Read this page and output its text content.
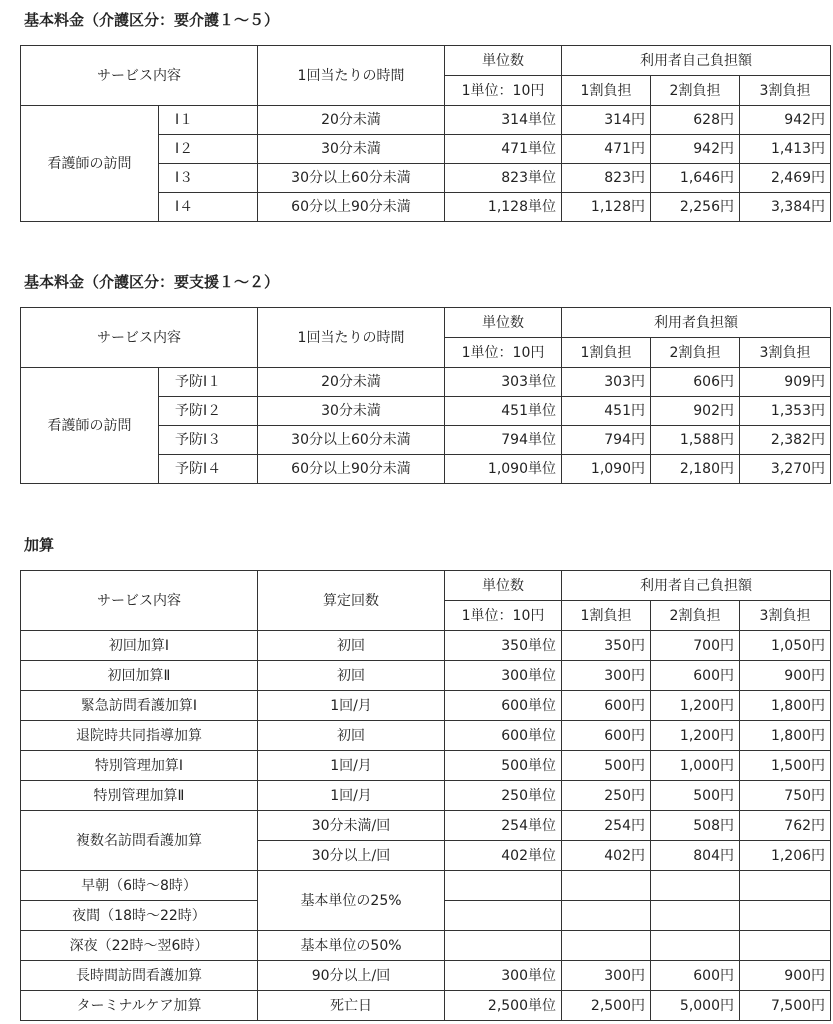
基本料金（介護区分：要介護１～５）
サービス内容		1回当たりの時間	単位数	利用者自己負担額		
			1単位：10円	1割負担	2割負担	3割負担
看護師の訪問	Ⅰ１	20分未満	314単位	314円	628円	942円
	Ⅰ２	30分未満	471単位	471円	942円	1,413円
	Ⅰ３	30分以上60分未満	823単位	823円	1,646円	2,469円
	Ⅰ４	60分以上90分未満	1,128単位	1,128円	2,256円	3,384円
基本料金（介護区分：要支援１～２）
サービス内容		1回当たりの時間	単位数	利用者負担額		
			1単位：10円	1割負担	2割負担	3割負担
看護師の訪問	予防Ⅰ１	20分未満	303単位	303円	606円	909円
	予防Ⅰ２	30分未満	451単位	451円	902円	1,353円
	予防Ⅰ３	30分以上60分未満	794単位	794円	1,588円	2,382円
	予防Ⅰ４	60分以上90分未満	1,090単位	1,090円	2,180円	3,270円
加算
サービス内容	算定回数	単位数	利用者自己負担額		
		1単位：10円	1割負担	2割負担	3割負担
初回加算Ⅰ	初回	350単位	350円	700円	1,050円
初回加算Ⅱ	初回	300単位	300円	600円	900円
緊急訪問看護加算Ⅰ	1回/月	600単位	600円	1,200円	1,800円
退院時共同指導加算	初回	600単位	600円	1,200円	1,800円
特別管理加算Ⅰ	1回/月	500単位	500円	1,000円	1,500円
特別管理加算Ⅱ	1回/月	250単位	250円	500円	750円
複数名訪問看護加算	30分未満/回	254単位	254円	508円	762円
	30分以上/回	402単位	402円	804円	1,206円
早朝（6時～8時）	基本単位の25%				
夜間（18時～22時）					
深夜（22時～翌6時）	基本単位の50%				
長時間訪問看護加算	90分以上/回	300単位	300円	600円	900円
ターミナルケア加算	死亡日	2,500単位	2,500円	5,000円	7,500円
